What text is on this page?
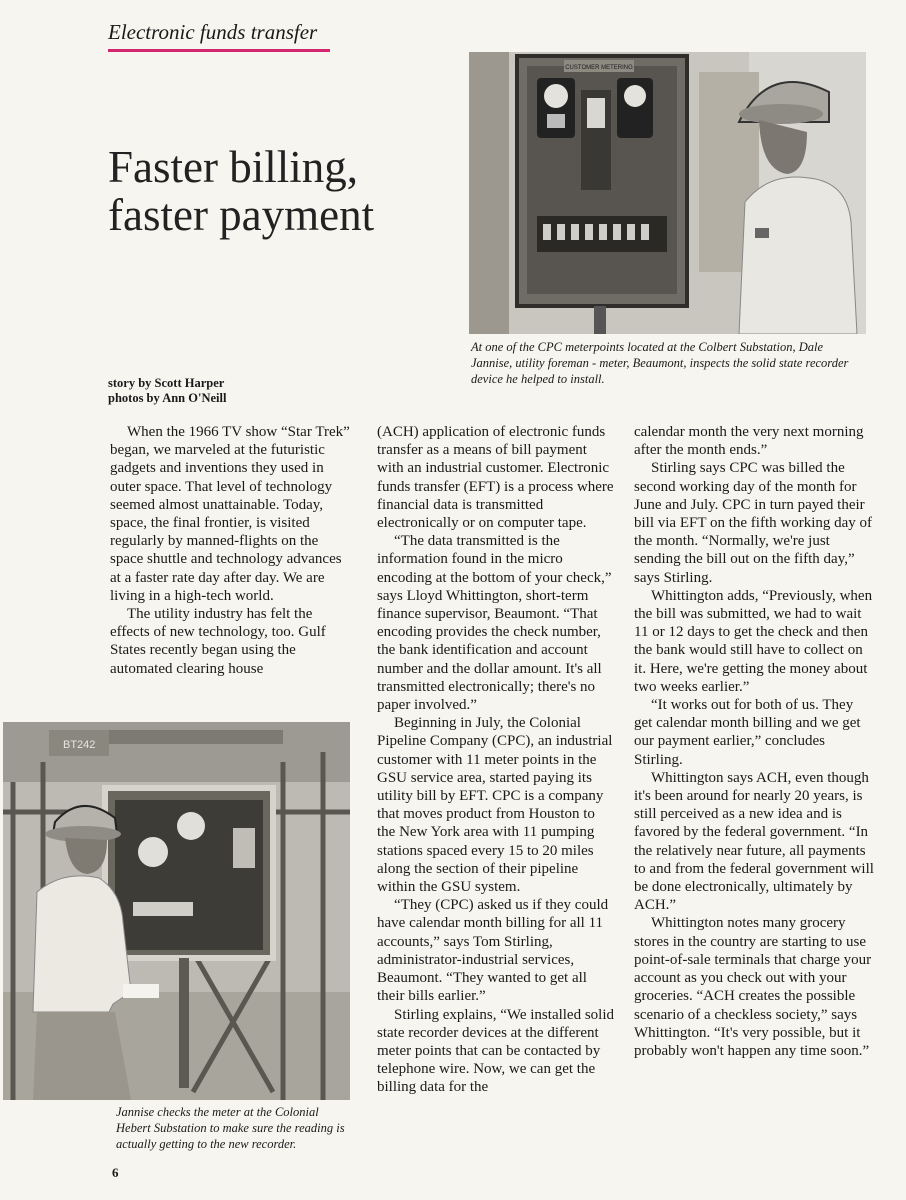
Electronic funds transfer
Faster billing,
faster payment
CUSTOMER METERING
At one of the CPC meterpoints located at the Colbert Substation, Dale Jannise, utility foreman - meter, Beaumont, inspects the solid state recorder device he helped to install.
story by Scott Harper
photos by Ann O'Neill
BT242
Jannise checks the meter at the Colonial Hebert Substation to make sure the reading is actually getting to the new recorder.

When the 1966 TV show “Star Trek” began, we marveled at the futuristic gadgets and inventions they used in outer space. That level of technology seemed almost unattainable. Today, space, the final frontier, is visited regularly by manned-flights on the space shuttle and technology advances at a faster rate day after day. We are living in a high-tech world.

The utility industry has felt the effects of new technology, too. Gulf States recently began using the automated clearing house

(ACH) application of electronic funds transfer as a means of bill payment with an industrial customer. Electronic funds transfer (EFT) is a process where financial data is transmitted electronically or on computer tape.

“The data transmitted is the information found in the micro encoding at the bottom of your check,” says Lloyd Whittington, short-term finance supervisor, Beaumont. “That encoding provides the check number, the bank identification and account number and the dollar amount. It's all transmitted electronically; there's no paper involved.”

Beginning in July, the Colonial Pipeline Company (CPC), an industrial customer with 11 meter points in the GSU service area, started paying its utility bill by EFT. CPC is a company that moves product from Houston to the New York area with 11 pumping stations spaced every 15 to 20 miles along the section of their pipeline within the GSU system.

“They (CPC) asked us if they could have calendar month billing for all 11 accounts,” says Tom Stirling, administrator-industrial services, Beaumont. “They wanted to get all their bills earlier.”

Stirling explains, “We installed solid state recorder devices at the different meter points that can be contacted by telephone wire. Now, we can get the billing data for the

calendar month the very next morning after the month ends.”

Stirling says CPC was billed the second working day of the month for June and July. CPC in turn payed their bill via EFT on the fifth working day of the month. “Normally, we're just sending the bill out on the fifth day,” says Stirling.

Whittington adds, “Previously, when the bill was submitted, we had to wait 11 or 12 days to get the check and then the bank would still have to collect on it. Here, we're getting the money about two weeks earlier.”

“It works out for both of us. They get calendar month billing and we get our payment earlier,” concludes Stirling.

Whittington says ACH, even though it's been around for nearly 20 years, is still perceived as a new idea and is favored by the federal government. “In the relatively near future, all payments to and from the federal government will be done electronically, ultimately by ACH.”

Whittington notes many grocery stores in the country are starting to use point-of-sale terminals that charge your account as you check out with your groceries. “ACH creates the possible scenario of a checkless society,” says Whittington. “It's very possible, but it probably won't happen any time soon.”

6
